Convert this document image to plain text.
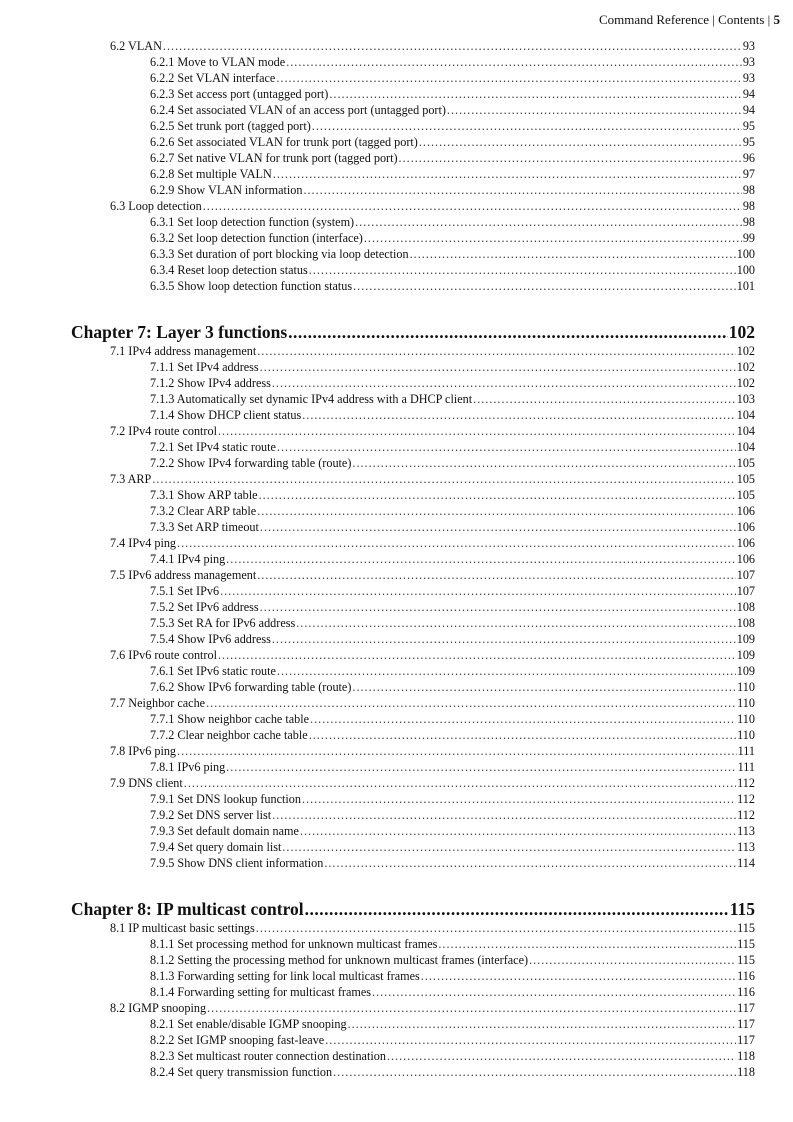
Command Reference | Contents | 5
6.2 VLAN .....	93
6.2.1 Move to VLAN mode .....	93
6.2.2 Set VLAN interface .....	93
6.2.3 Set access port (untagged port) .....	94
6.2.4 Set associated VLAN of an access port (untagged port) .....	94
6.2.5 Set trunk port (tagged port) .....	95
6.2.6 Set associated VLAN for trunk port (tagged port) .....	95
6.2.7 Set native VLAN for trunk port (tagged port) .....	96
6.2.8 Set multiple VALN .....	97
6.2.9 Show VLAN information .....	98
6.3 Loop detection .....	98
6.3.1 Set loop detection function (system) .....	98
6.3.2 Set loop detection function (interface) .....	99
6.3.3 Set duration of port blocking via loop detection .....	100
6.3.4 Reset loop detection status .....	100
6.3.5 Show loop detection function status .....	101
Chapter 7: Layer 3 functions .....	102
7.1 IPv4 address management .....	102
7.1.1 Set IPv4 address .....	102
7.1.2 Show IPv4 address .....	102
7.1.3 Automatically set dynamic IPv4 address with a DHCP client .....	103
7.1.4 Show DHCP client status .....	104
7.2 IPv4 route control .....	104
7.2.1 Set IPv4 static route .....	104
7.2.2 Show IPv4 forwarding table (route) .....	105
7.3 ARP .....	105
7.3.1 Show ARP table .....	105
7.3.2 Clear ARP table .....	106
7.3.3 Set ARP timeout .....	106
7.4 IPv4 ping .....	106
7.4.1 IPv4 ping .....	106
7.5 IPv6 address management .....	107
7.5.1 Set IPv6 .....	107
7.5.2 Set IPv6 address .....	108
7.5.3 Set RA for IPv6 address .....	108
7.5.4 Show IPv6 address .....	109
7.6 IPv6 route control .....	109
7.6.1 Set IPv6 static route .....	109
7.6.2 Show IPv6 forwarding table (route) .....	110
7.7 Neighbor cache .....	110
7.7.1 Show neighbor cache table .....	110
7.7.2 Clear neighbor cache table .....	110
7.8 IPv6 ping .....	111
7.8.1 IPv6 ping .....	111
7.9 DNS client .....	112
7.9.1 Set DNS lookup function .....	112
7.9.2 Set DNS server list .....	112
7.9.3 Set default domain name .....	113
7.9.4 Set query domain list .....	113
7.9.5 Show DNS client information .....	114
Chapter 8: IP multicast control .....	115
8.1 IP multicast basic settings .....	115
8.1.1 Set processing method for unknown multicast frames .....	115
8.1.2 Setting the processing method for unknown multicast frames (interface) .....	115
8.1.3 Forwarding setting for link local multicast frames .....	116
8.1.4 Forwarding setting for multicast frames .....	116
8.2 IGMP snooping .....	117
8.2.1 Set enable/disable IGMP snooping .....	117
8.2.2 Set IGMP snooping fast-leave .....	117
8.2.3 Set multicast router connection destination .....	118
8.2.4 Set query transmission function .....	118
